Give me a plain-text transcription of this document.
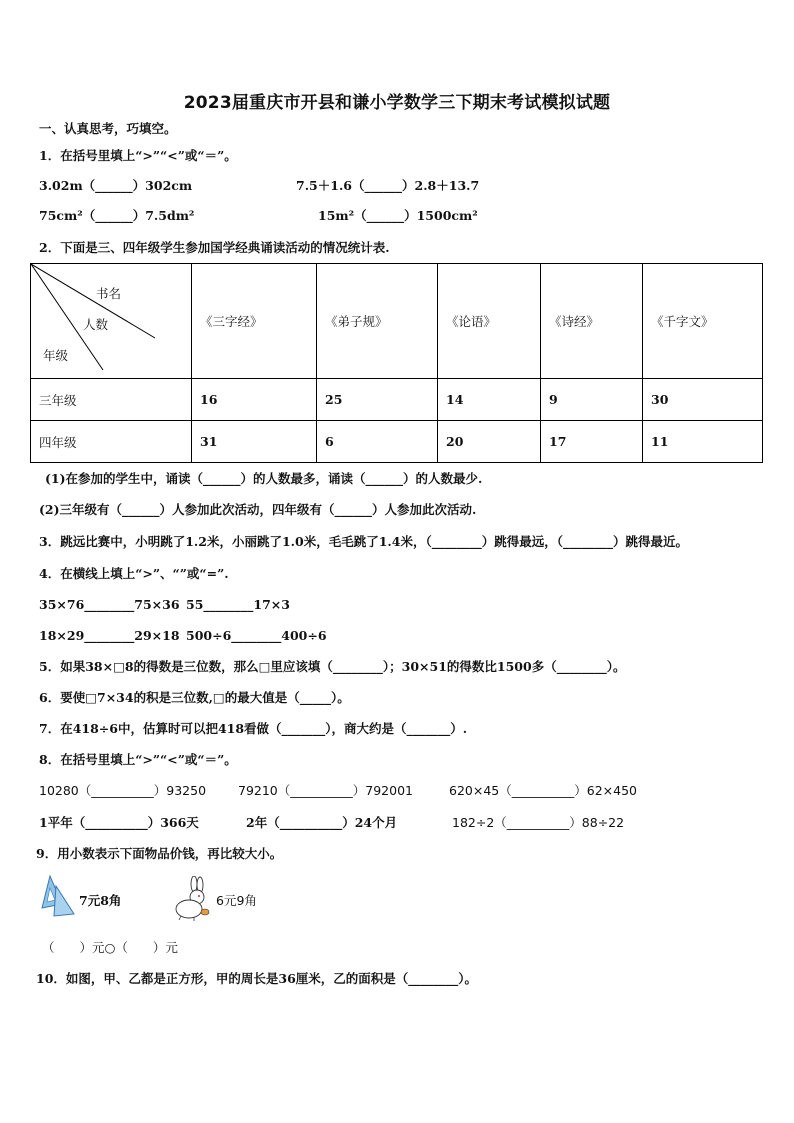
2023届重庆市开县和谦小学数学三下期末考试模拟试题
一、认真思考，巧填空。
1．在括号里填上“>”“<”或“＝”。
3.02m（______）302cm	7.5＋1.6（______）2.8＋13.7
75cm²（______）7.5dm²	15m²（______）1500cm²
2．下面是三、四年级学生参加国学经典诵读活动的情况统计表.
书名
人数
年级	《三字经》	《弟子规》	《论语》	《诗经》	《千字文》
三年级	16	25	14	9	30
四年级	31	6	20	17	11
(1)在参加的学生中，诵读（______）的人数最多，诵读（______）的人数最少.
(2)三年级有（______）人参加此次活动，四年级有（______）人参加此次活动.
3．跳远比赛中，小明跳了1.2米，小丽跳了1.0米，毛毛跳了1.4米，（________）跳得最远，（________）跳得最近。
4．在横线上填上“>”、“”或“=”.
35×76________75×36 55________17×3
18×29________29×18 500÷6________400÷6
5．如果38×□8的得数是三位数，那么□里应该填（________）；30×51的得数比1500多（________）。
6．要使□7×34的积是三位数,□的最大值是（_____）。
7．在418÷6中，估算时可以把418看做（_______），商大约是（_______）.
8．在括号里填上“>”“<”或“＝”。
10280（__________）93250	79210（__________）792001	620×45（__________）62×450
1平年（__________）366天	2年（__________）24个月	182÷2（__________）88÷22
9．用小数表示下面物品价钱，再比较大小。
7元8角	6元9角
（　　）元○（　　）元
10．如图，甲、乙都是正方形，甲的周长是36厘米，乙的面积是（________）。
